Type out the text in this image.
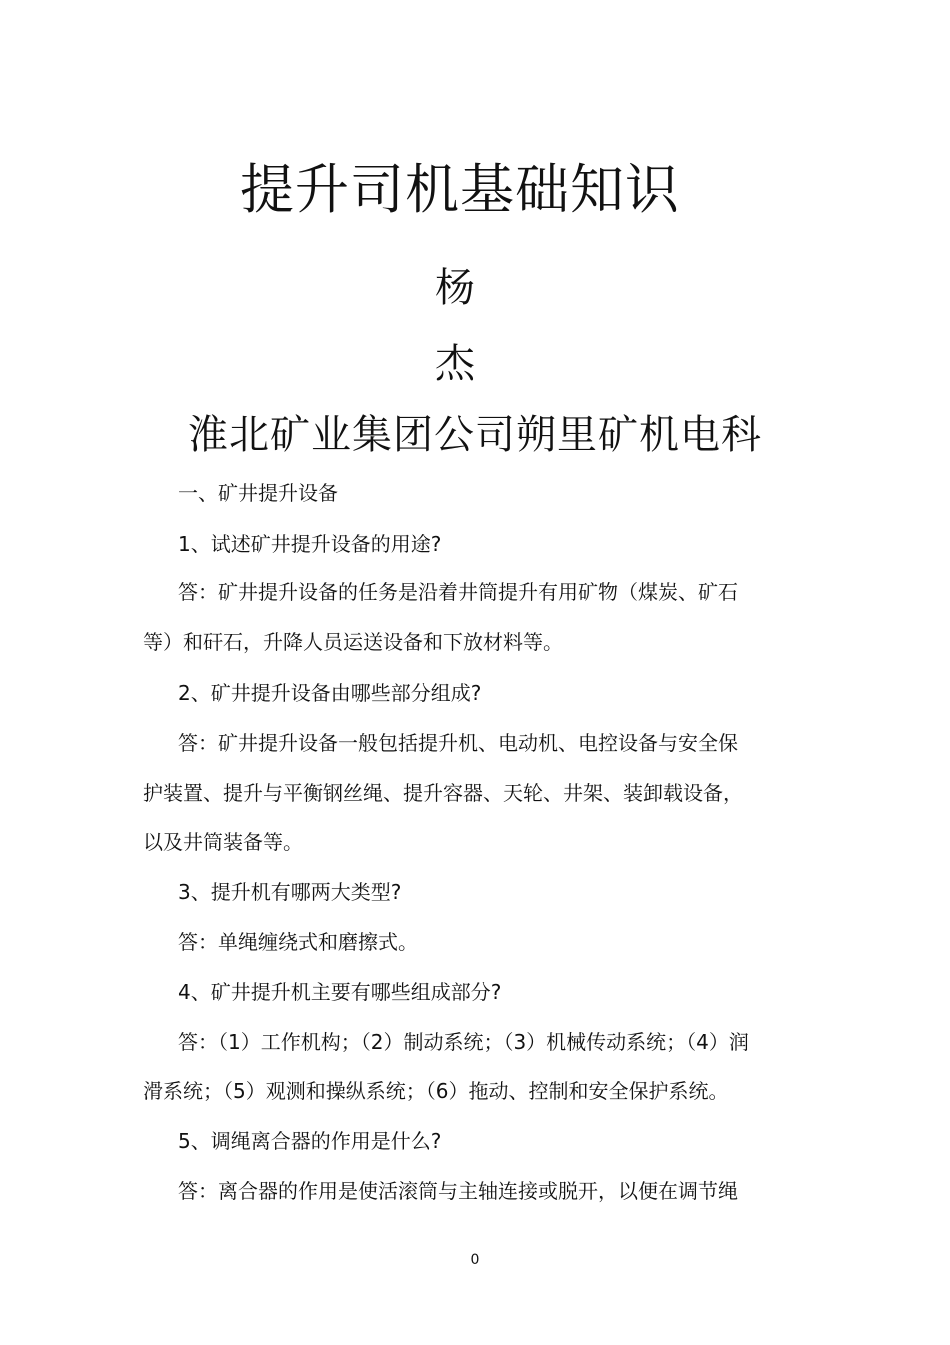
提升司机基础知识
杨
杰
淮北矿业集团公司朔里矿机电科
一、矿井提升设备
1、试述矿井提升设备的用途?
答：矿井提升设备的任务是沿着井筒提升有用矿物（煤炭、矿石
等）和矸石，升降人员运送设备和下放材料等。
2、矿井提升设备由哪些部分组成?
答：矿井提升设备一般包括提升机、电动机、电控设备与安全保
护装置、提升与平衡钢丝绳、提升容器、天轮、井架、装卸载设备，
以及井筒装备等。
3、提升机有哪两大类型?
答：单绳缠绕式和磨擦式。
4、矿井提升机主要有哪些组成部分?
答：（1）工作机构；（2）制动系统；（3）机械传动系统；（4）润
滑系统；（5）观测和操纵系统；（6）拖动、控制和安全保护系统。
5、调绳离合器的作用是什么?
答：离合器的作用是使活滚筒与主轴连接或脱开，以便在调节绳
0
